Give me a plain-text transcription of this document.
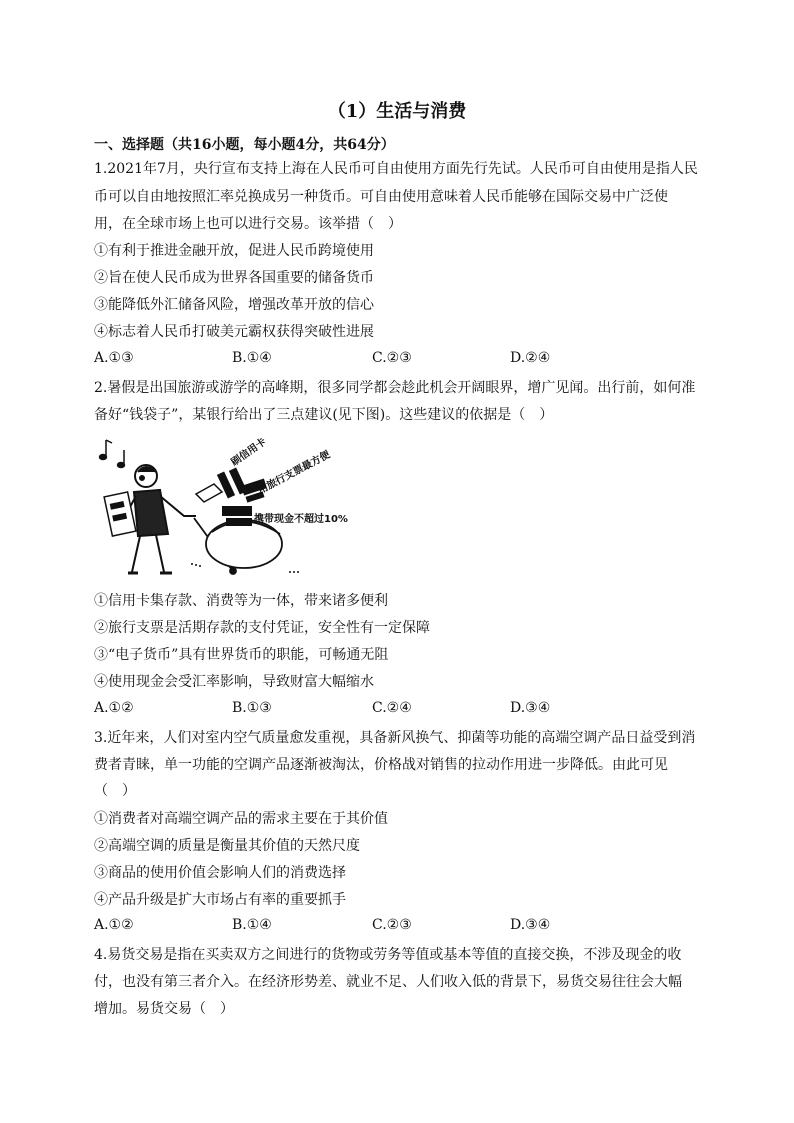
（1）生活与消费
一、选择题（共16小题，每小题4分，共64分）
1.2021年7月，央行宣布支持上海在人民币可自由使用方面先行先试。人民币可自由使用是指人民
币可以自由地按照汇率兑换成另一种货币。可自由使用意味着人民币能够在国际交易中广泛使
用，在全球市场上也可以进行交易。该举措（　）
①有利于推进金融开放，促进人民币跨境使用
②旨在使人民币成为世界各国重要的储备货币
③能降低外汇储备风险，增强改革开放的信心
④标志着人民币打破美元霸权获得突破性进展
A.①③	B.①④	C.②③	D.②④
2.暑假是出国旅游或游学的高峰期，很多同学都会趁此机会开阔眼界，增广见闻。出行前，如何准
备好“钱袋子”，某银行给出了三点建议(见下图)。这些建议的依据是（　）
刷信用卡
用旅行支票最方便
携带现金不超过10%
①信用卡集存款、消费等为一体，带来诸多便利
②旅行支票是活期存款的支付凭证，安全性有一定保障
③“电子货币”具有世界货币的职能，可畅通无阻
④使用现金会受汇率影响，导致财富大幅缩水
A.①②	B.①③	C.②④	D.③④
3.近年来，人们对室内空气质量愈发重视，具备新风换气、抑菌等功能的高端空调产品日益受到消
费者青睐，单一功能的空调产品逐渐被淘汰，价格战对销售的拉动作用进一步降低。由此可见
（　）
①消费者对高端空调产品的需求主要在于其价值
②高端空调的质量是衡量其价值的天然尺度
③商品的使用价值会影响人们的消费选择
④产品升级是扩大市场占有率的重要抓手
A.①②	B.①④	C.②③	D.③④
4.易货交易是指在买卖双方之间进行的货物或劳务等值或基本等值的直接交换，不涉及现金的收
付，也没有第三者介入。在经济形势差、就业不足、人们收入低的背景下，易货交易往往会大幅
增加。易货交易（　）
